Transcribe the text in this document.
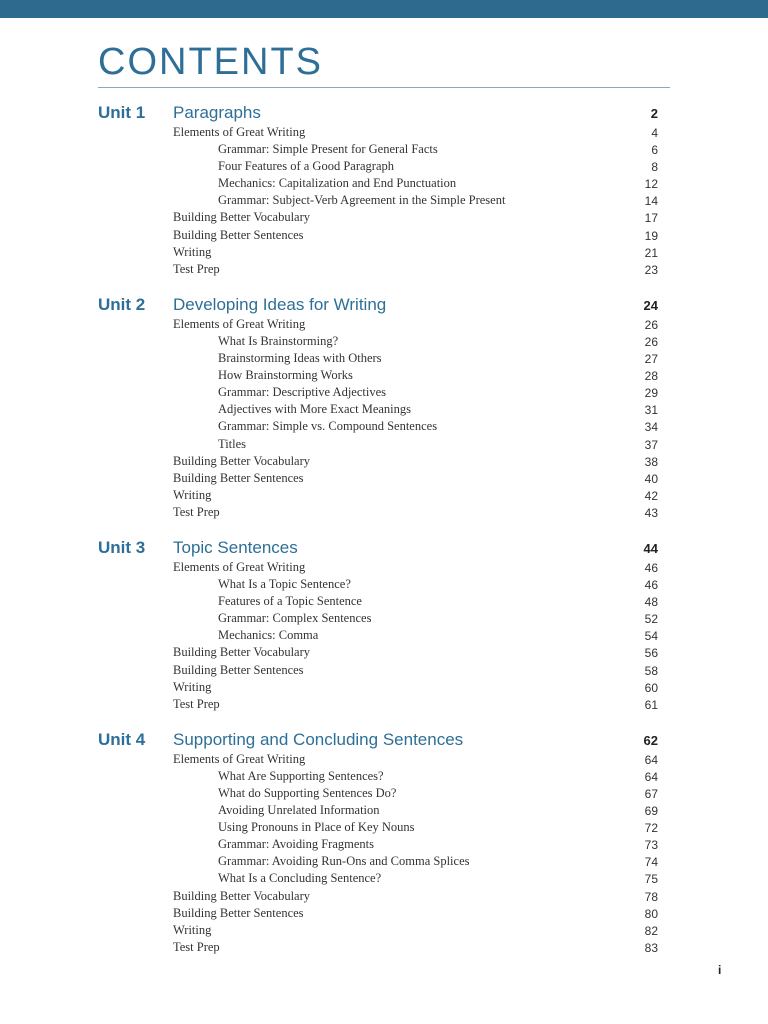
CONTENTS
Unit 1 Paragraphs	2
Elements of Great Writing	4
Grammar: Simple Present for General Facts	6
Four Features of a Good Paragraph	8
Mechanics: Capitalization and End Punctuation	12
Grammar: Subject-Verb Agreement in the Simple Present	14
Building Better Vocabulary	17
Building Better Sentences	19
Writing	21
Test Prep	23
Unit 2 Developing Ideas for Writing	24
Elements of Great Writing	26
What Is Brainstorming?	26
Brainstorming Ideas with Others	27
How Brainstorming Works	28
Grammar: Descriptive Adjectives	29
Adjectives with More Exact Meanings	31
Grammar: Simple vs. Compound Sentences	34
Titles	37
Building Better Vocabulary	38
Building Better Sentences	40
Writing	42
Test Prep	43
Unit 3 Topic Sentences	44
Elements of Great Writing	46
What Is a Topic Sentence?	46
Features of a Topic Sentence	48
Grammar: Complex Sentences	52
Mechanics: Comma	54
Building Better Vocabulary	56
Building Better Sentences	58
Writing	60
Test Prep	61
Unit 4 Supporting and Concluding Sentences	62
Elements of Great Writing	64
What Are Supporting Sentences?	64
What do Supporting Sentences Do?	67
Avoiding Unrelated Information	69
Using Pronouns in Place of Key Nouns	72
Grammar: Avoiding Fragments	73
Grammar: Avoiding Run-Ons and Comma Splices	74
What Is a Concluding Sentence?	75
Building Better Vocabulary	78
Building Better Sentences	80
Writing	82
Test Prep	83
i
